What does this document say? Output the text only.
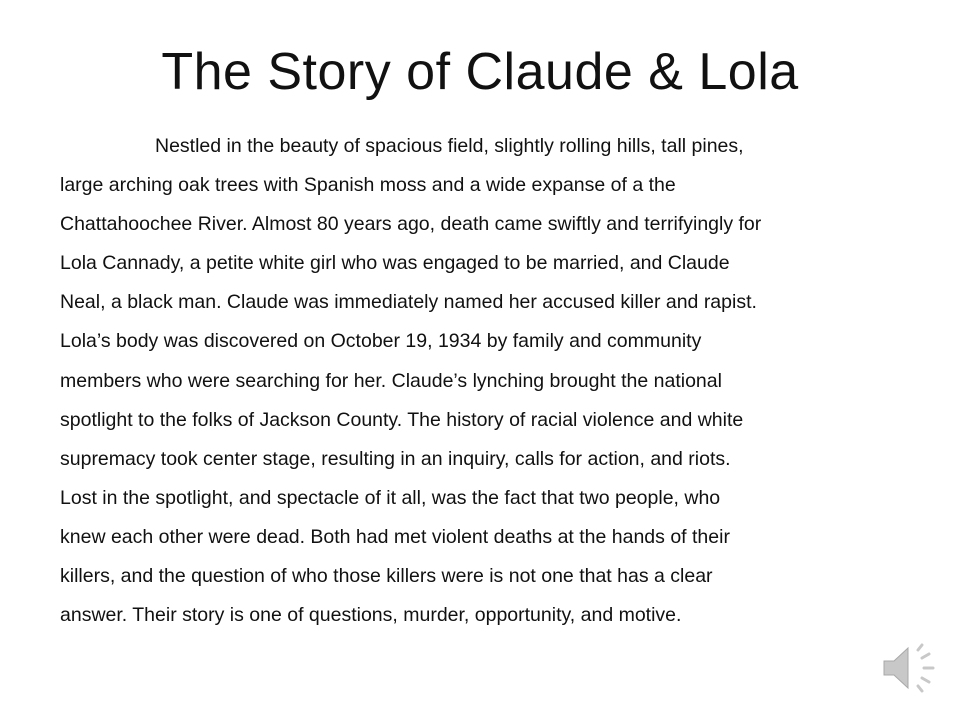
The Story of Claude & Lola
Nestled in the beauty of spacious field, slightly rolling hills, tall pines,
large arching oak trees with Spanish moss and a wide expanse of a the
Chattahoochee River. Almost 80 years ago, death came swiftly and terrifyingly for
Lola Cannady, a petite white girl who was engaged to be married, and Claude
Neal, a black man. Claude was immediately named her accused killer and rapist.
Lola’s body was discovered on October 19, 1934 by family and community
members who were searching for her. Claude’s lynching brought the national
spotlight to the folks of Jackson County. The history of racial violence and white
supremacy took center stage, resulting in an inquiry, calls for action, and riots.
Lost in the spotlight, and spectacle of it all, was the fact that two people, who
knew each other were dead. Both had met violent deaths at the hands of their
killers, and the question of who those killers were is not one that has a clear
answer. Their story is one of questions, murder, opportunity, and motive.
